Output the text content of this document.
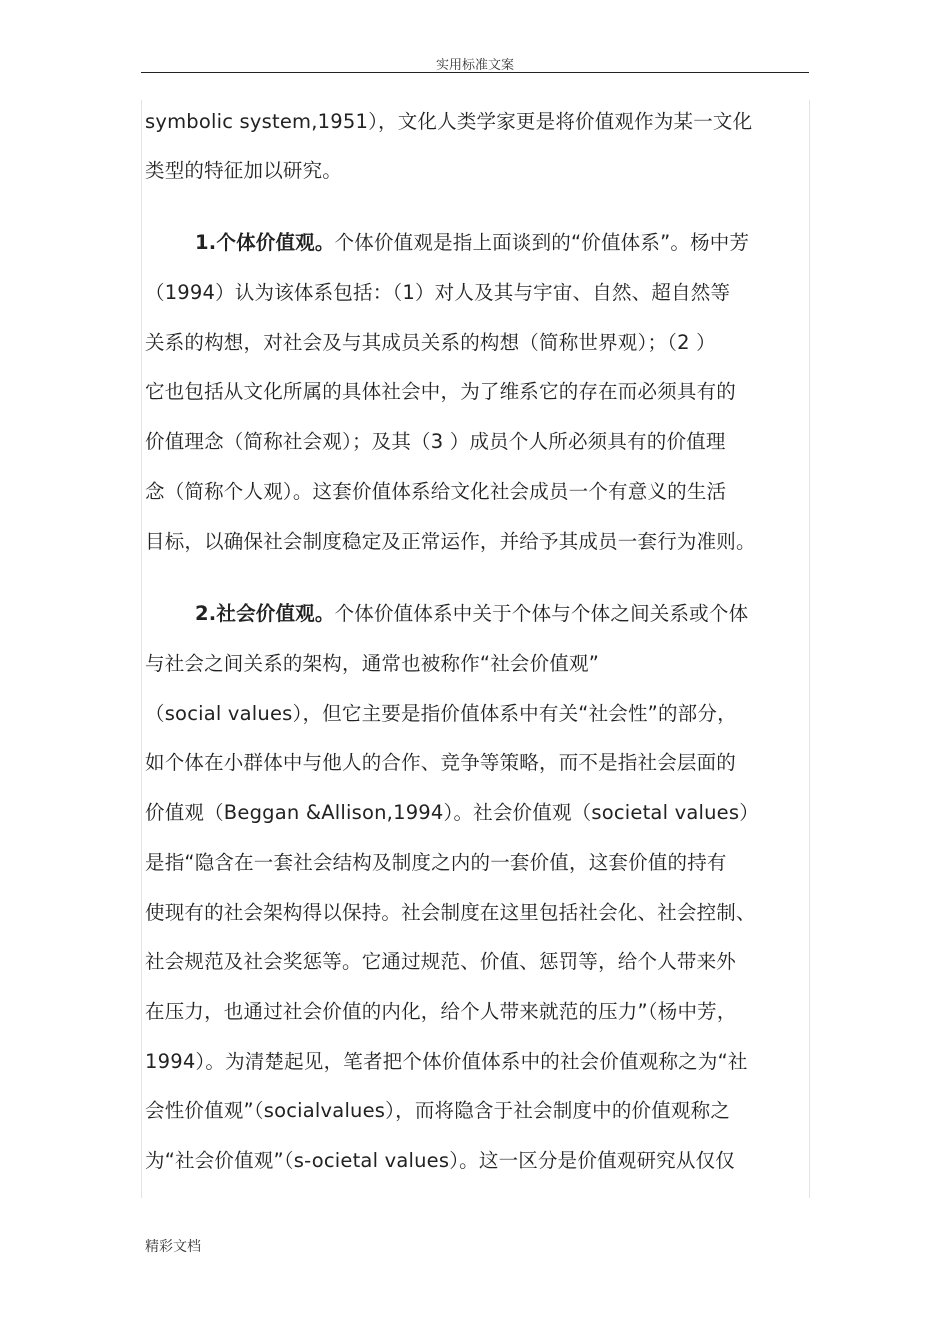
实用标准文案

symbolic system,1951），文化人类学家更是将价值观作为某一文化

类型的特征加以研究。

1.个体价值观。个体价值观是指上面谈到的“价值体系”。杨中芳

（1994）认为该体系包括：（1）对人及其与宇宙、自然、超自然等

关系的构想，对社会及与其成员关系的构想（简称世界观）；（2 ）

它也包括从文化所属的具体社会中，为了维系它的存在而必须具有的

价值理念（简称社会观）；及其（3 ）成员个人所必须具有的价值理

念（简称个人观）。这套价值体系给文化社会成员一个有意义的生活

目标，以确保社会制度稳定及正常运作，并给予其成员一套行为准则。

2.社会价值观。个体价值体系中关于个体与个体之间关系或个体

与社会之间关系的架构，通常也被称作“社会价值观”

（social values），但它主要是指价值体系中有关“社会性”的部分，

如个体在小群体中与他人的合作、竞争等策略，而不是指社会层面的

价值观（Beggan &Allison,1994）。社会价值观（societal values）

是指“隐含在一套社会结构及制度之内的一套价值，这套价值的持有

使现有的社会架构得以保持。社会制度在这里包括社会化、社会控制、

社会规范及社会奖惩等。它通过规范、价值、惩罚等，给个人带来外

在压力，也通过社会价值的内化，给个人带来就范的压力”（杨中芳，

1994）。为清楚起见，笔者把个体价值体系中的社会价值观称之为“社

会性价值观”（socialvalues），而将隐含于社会制度中的价值观称之

为“社会价值观”（s-ocietal values）。这一区分是价值观研究从仅仅

精彩文档
